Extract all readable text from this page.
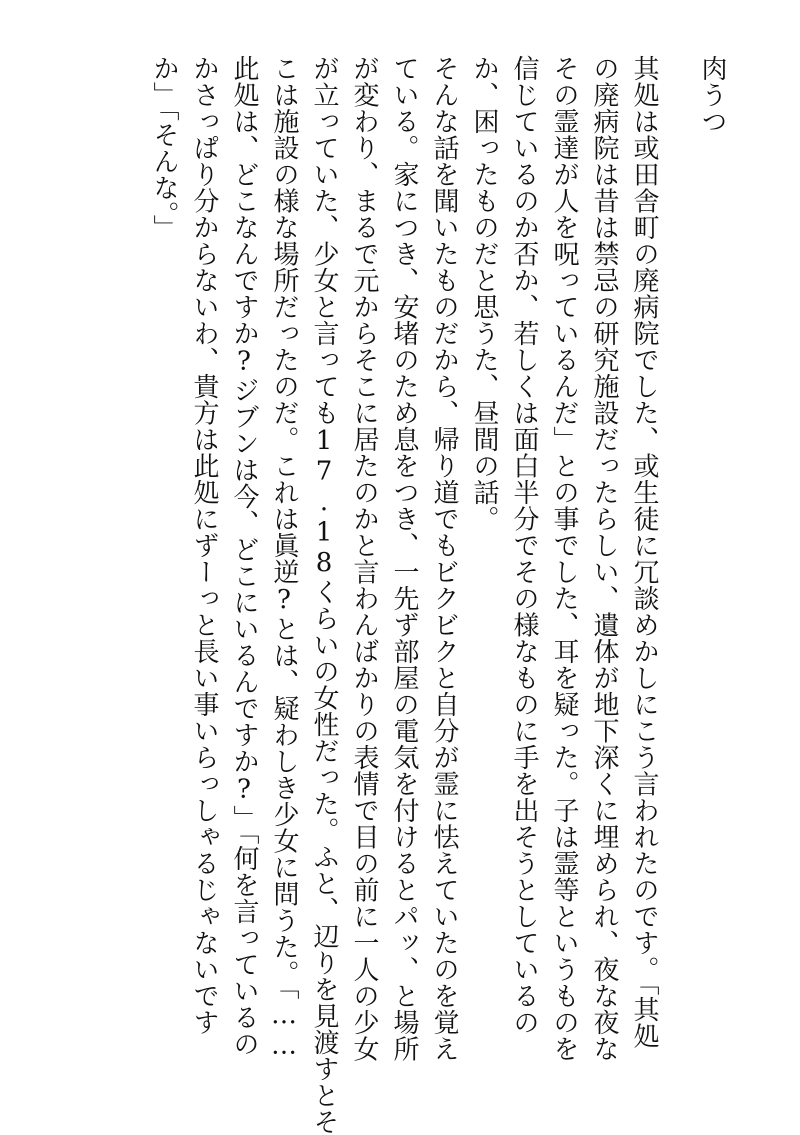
肉うつ
其処は或田舎町の廃病院でした、或生徒に冗談めかしにこう言われたのです。「其処
の廃病院は昔は禁忌の研究施設だったらしい、遺体が地下深くに埋められ、夜な夜な
その霊達が人を呪っているんだ」との事でした、耳を疑った。子は霊等というものを
信じているのか否か、若しくは面白半分でその様なものに手を出そうとしているの
か、困ったものだと思うた、昼間の話。
そんな話を聞いたものだから、帰り道でもビクビクと自分が霊に怯えていたのを覚え
ている。家につき、安堵のため息をつき、一先ず部屋の電気を付けるとパッ、と場所
が変わり、まるで元からそこに居たのかと言わんばかりの表情で目の前に一人の少女
が立っていた、少女と言っても17.18くらいの女性だった。ふと、辺りを見渡すとそ
こは施設の様な場所だったのだ。これは眞逆?とは、疑わしき少女に問うた。「……
此処は、どこなんですか?ジブンは今、どこにいるんですか?」「何を言っているの
かさっぱり分からないわ、貴方は此処にずーっと長い事いらっしゃるじゃないです
か」「そんな。」
